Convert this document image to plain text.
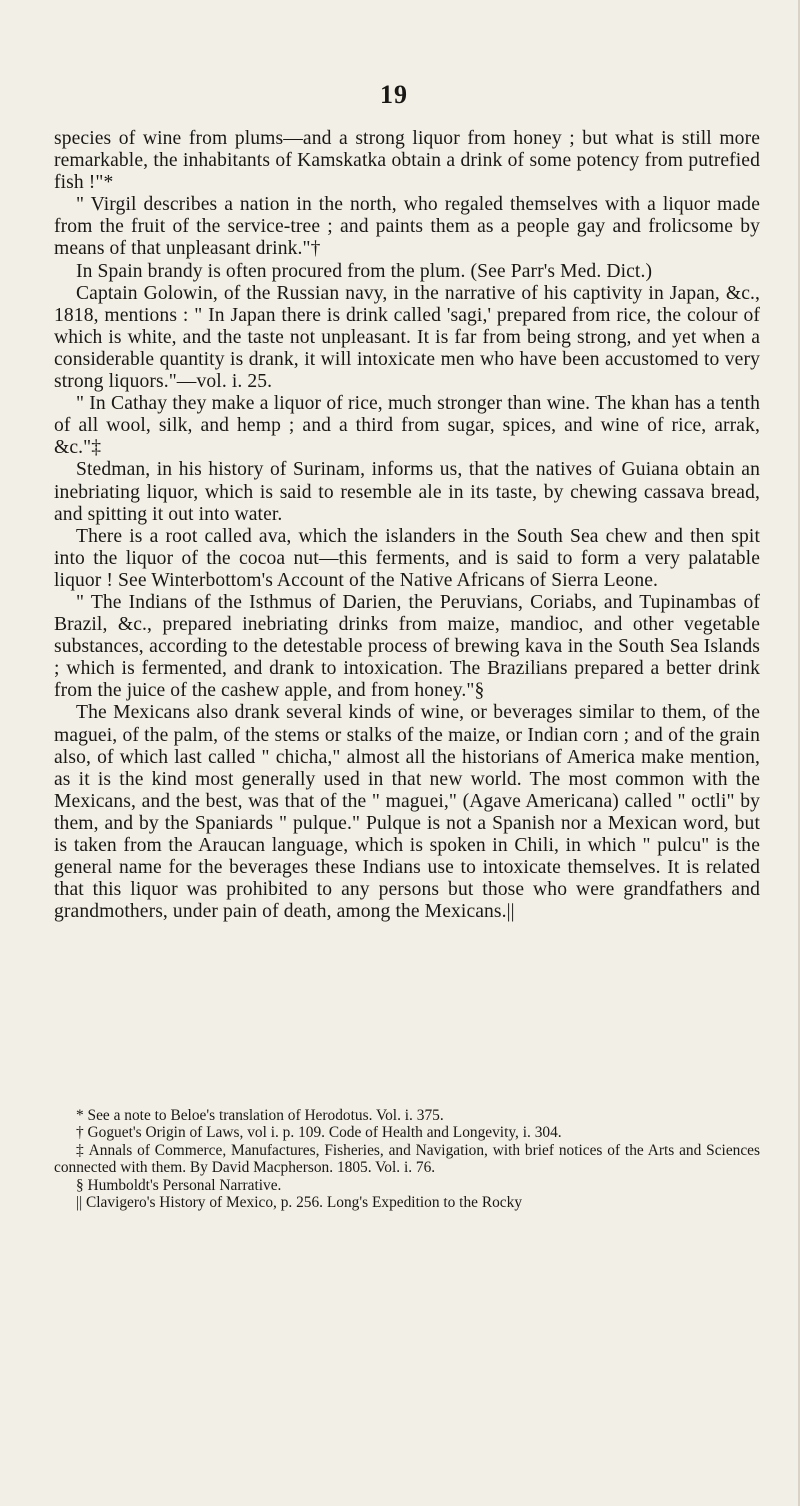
19

species of wine from plums—and a strong liquor from honey ; but what is still more remarkable, the inhabitants of Kamskatka obtain a drink of some potency from putrefied fish !"*

" Virgil describes a nation in the north, who regaled themselves with a liquor made from the fruit of the service-tree ; and paints them as a people gay and frolicsome by means of that unpleasant drink."†

In Spain brandy is often procured from the plum. (See Parr's Med. Dict.)

Captain Golowin, of the Russian navy, in the narrative of his captivity in Japan, &c., 1818, mentions : " In Japan there is drink called 'sagi,' prepared from rice, the colour of which is white, and the taste not unpleasant. It is far from being strong, and yet when a considerable quantity is drank, it will intoxicate men who have been accustomed to very strong liquors."—vol. i. 25.

" In Cathay they make a liquor of rice, much stronger than wine. The khan has a tenth of all wool, silk, and hemp ; and a third from sugar, spices, and wine of rice, arrak, &c."‡

Stedman, in his history of Surinam, informs us, that the natives of Guiana obtain an inebriating liquor, which is said to resemble ale in its taste, by chewing cassava bread, and spitting it out into water.

There is a root called ava, which the islanders in the South Sea chew and then spit into the liquor of the cocoa nut—this ferments, and is said to form a very palatable liquor ! See Winterbottom's Account of the Native Africans of Sierra Leone.

" The Indians of the Isthmus of Darien, the Peruvians, Coriabs, and Tupinambas of Brazil, &c., prepared inebriating drinks from maize, mandioc, and other vegetable substances, according to the detestable process of brewing kava in the South Sea Islands ; which is fermented, and drank to intoxication. The Brazilians prepared a better drink from the juice of the cashew apple, and from honey."§

The Mexicans also drank several kinds of wine, or beverages similar to them, of the maguei, of the palm, of the stems or stalks of the maize, or Indian corn ; and of the grain also, of which last called " chicha," almost all the historians of America make mention, as it is the kind most generally used in that new world. The most common with the Mexicans, and the best, was that of the " maguei," (Agave Americana) called " octli" by them, and by the Spaniards " pulque." Pulque is not a Spanish nor a Mexican word, but is taken from the Araucan language, which is spoken in Chili, in which " pulcu" is the general name for the beverages these Indians use to intoxicate themselves. It is related that this liquor was prohibited to any persons but those who were grandfathers and grandmothers, under pain of death, among the Mexicans.||

* See a note to Beloe's translation of Herodotus. Vol. i. 375.

† Goguet's Origin of Laws, vol i. p. 109. Code of Health and Longevity, i. 304.

‡ Annals of Commerce, Manufactures, Fisheries, and Navigation, with brief notices of the Arts and Sciences connected with them. By David Macpherson. 1805. Vol. i. 76.

§ Humboldt's Personal Narrative.

|| Clavigero's History of Mexico, p. 256. Long's Expedition to the Rocky
